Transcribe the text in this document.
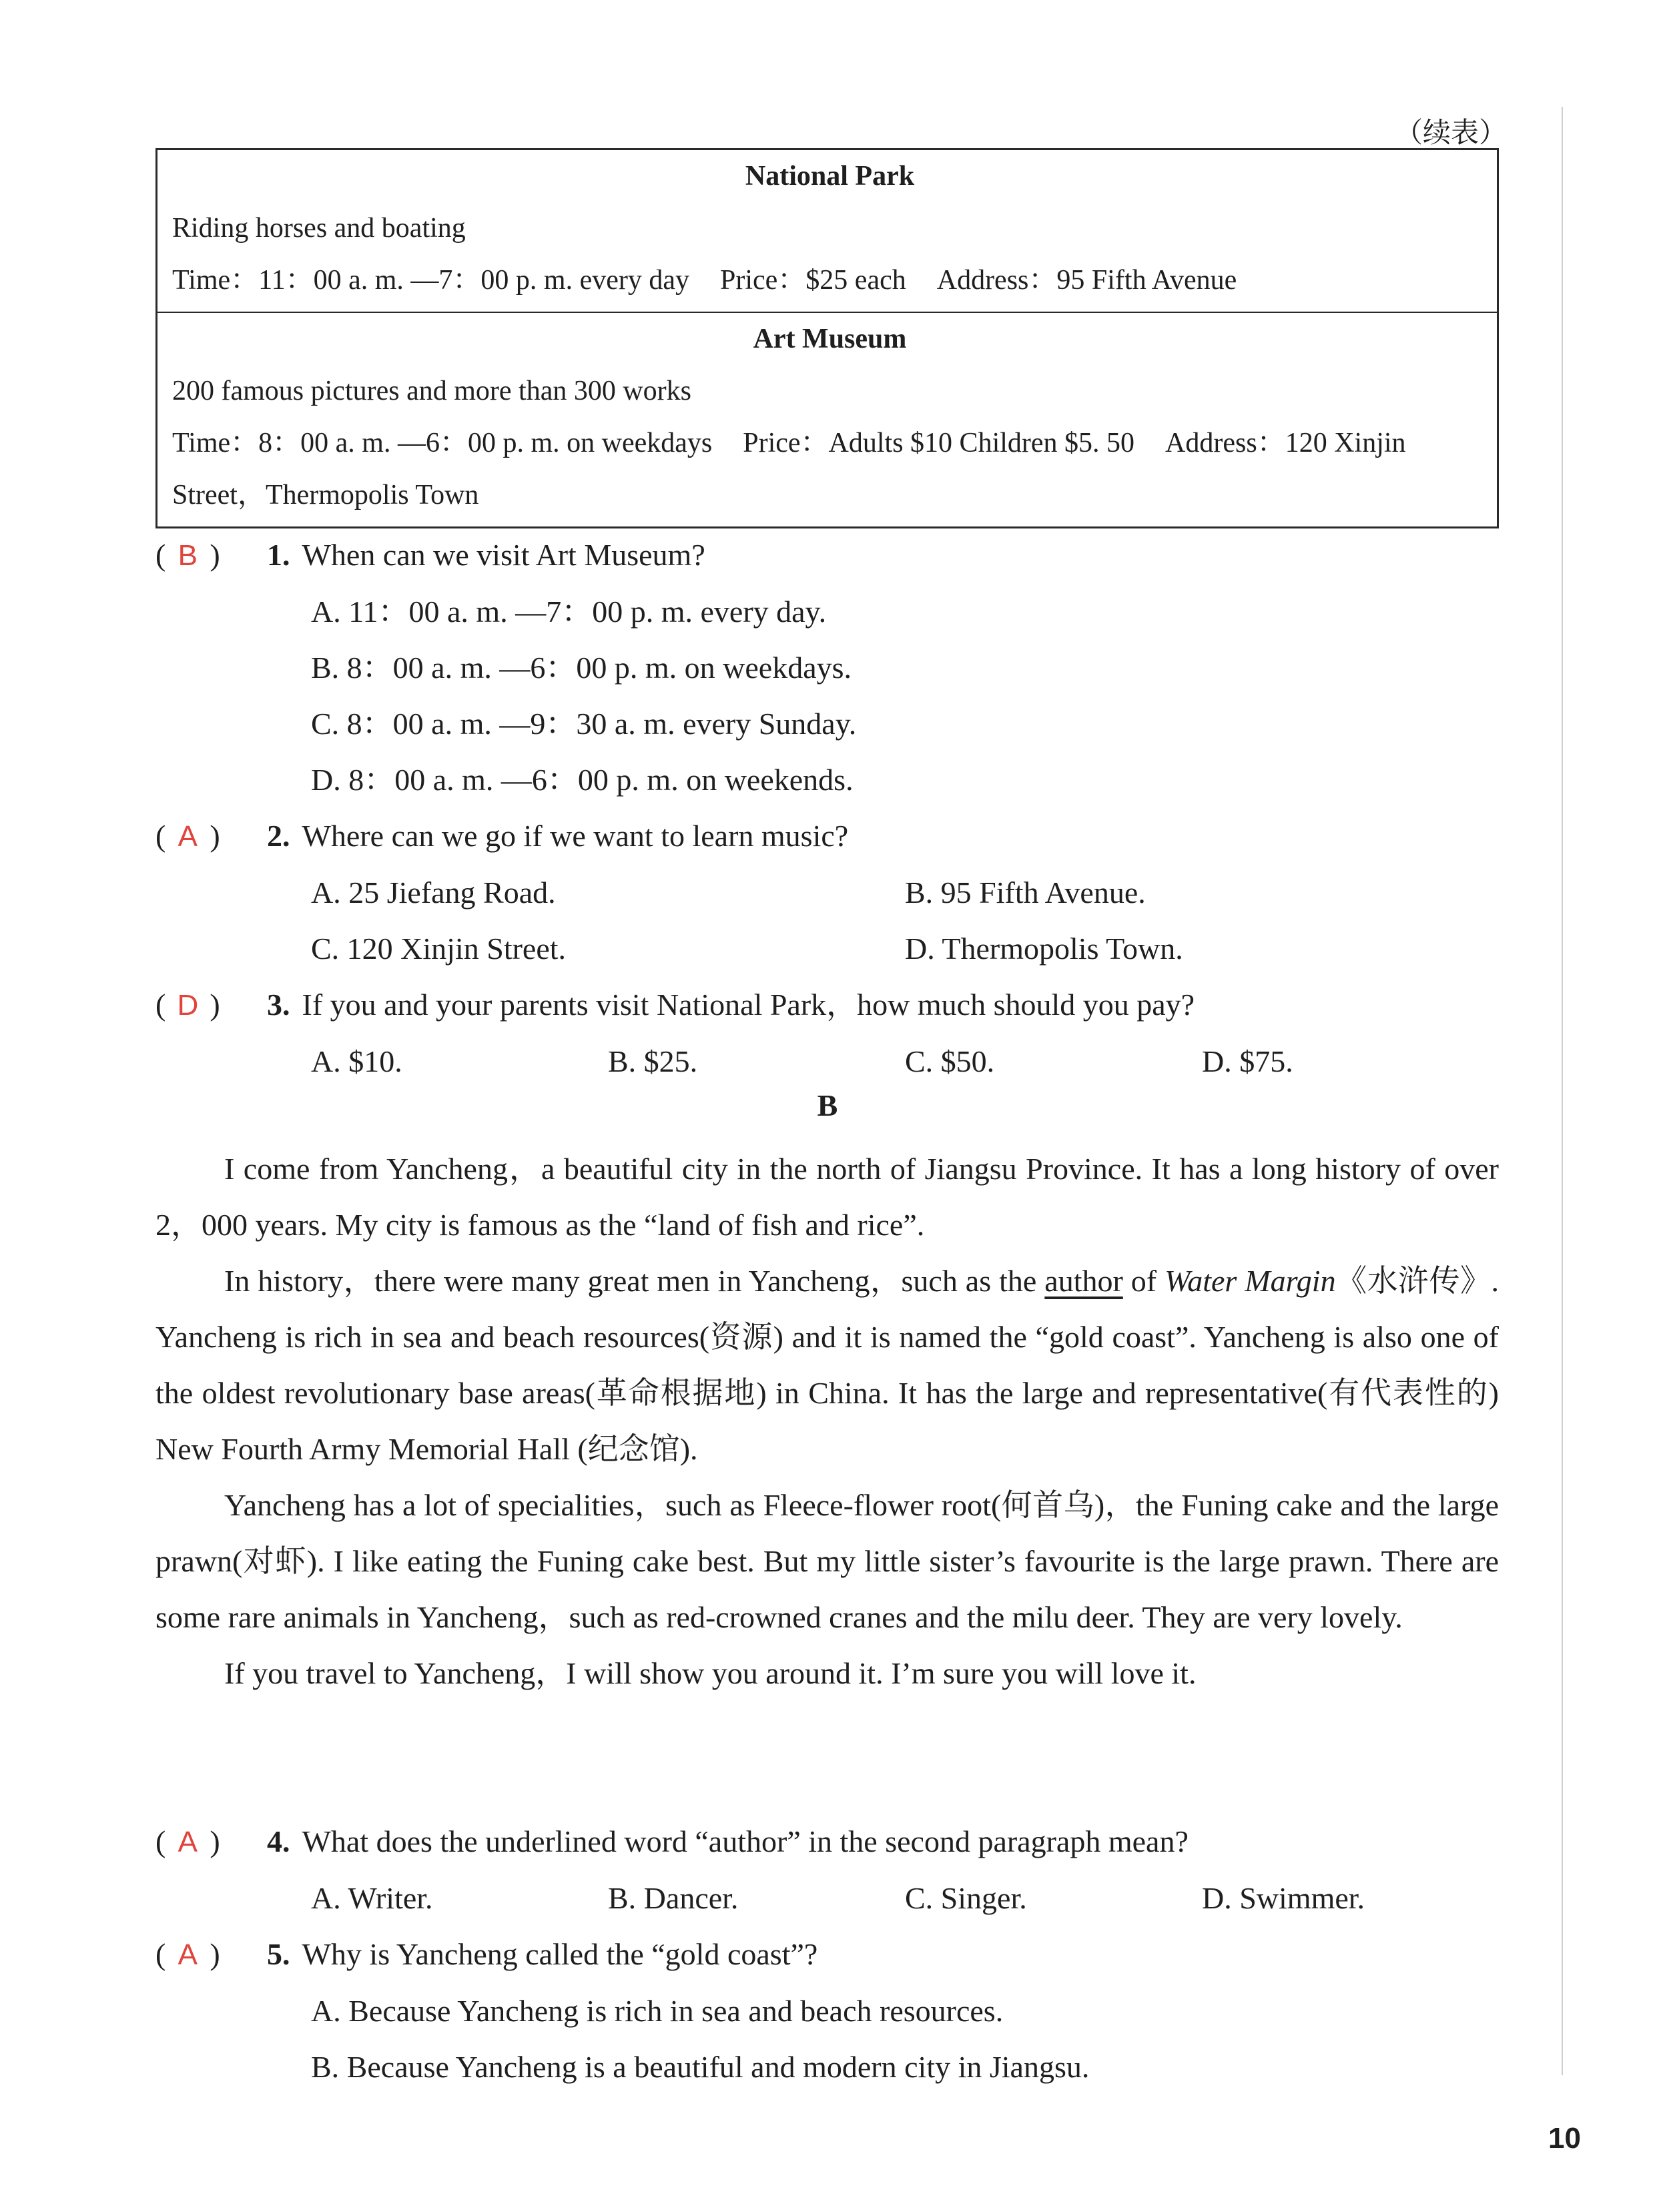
（续表）
National Park
Riding horses and boating
Time：11：00 a. m. —7：00 p. m. every day Price：$25 each Address：95 Fifth Avenue
Art Museum
200 famous pictures and more than 300 works
Time：8：00 a. m. —6：00 p. m. on weekdays Price：Adults $10 Children $5. 50 Address：120 Xinjin Street，Thermopolis Town
( B )	1. When can we visit Art Museum?
A. 11：00 a. m. —7：00 p. m. every day.
B. 8：00 a. m. —6：00 p. m. on weekdays.
C. 8：00 a. m. —9：30 a. m. every Sunday.
D. 8：00 a. m. —6：00 p. m. on weekends.
( A )	2. Where can we go if we want to learn music?
A. 25 Jiefang Road.	B. 95 Fifth Avenue.
C. 120 Xinjin Street.	D. Thermopolis Town.
( D )	3. If you and your parents visit National Park，how much should you pay?
A. $10.	B. $25.	C. $50.	D. $75.
B

I come from Yancheng，a beautiful city in the north of Jiangsu Province. It has a long history of over 2，000 years. My city is famous as the “land of fish and rice”.

In history，there were many great men in Yancheng，such as the author of Water Margin《水浒传》. Yancheng is rich in sea and beach resources(资源) and it is named the “gold coast”. Yancheng is also one of the oldest revolutionary base areas(革命根据地) in China. It has the large and representative(有代表性的) New Fourth Army Memorial Hall (纪念馆).

Yancheng has a lot of specialities，such as Fleece-flower root(何首乌)，the Funing cake and the large prawn(对虾). I like eating the Funing cake best. But my little sister’s favourite is the large prawn. There are some rare animals in Yancheng，such as red-crowned cranes and the milu deer. They are very lovely.

If you travel to Yancheng，I will show you around it. I’m sure you will love it.

( A )	4. What does the underlined word “author” in the second paragraph mean?
A. Writer.	B. Dancer.	C. Singer.	D. Swimmer.
( A )	5. Why is Yancheng called the “gold coast”?
A. Because Yancheng is rich in sea and beach resources.
B. Because Yancheng is a beautiful and modern city in Jiangsu.
10
